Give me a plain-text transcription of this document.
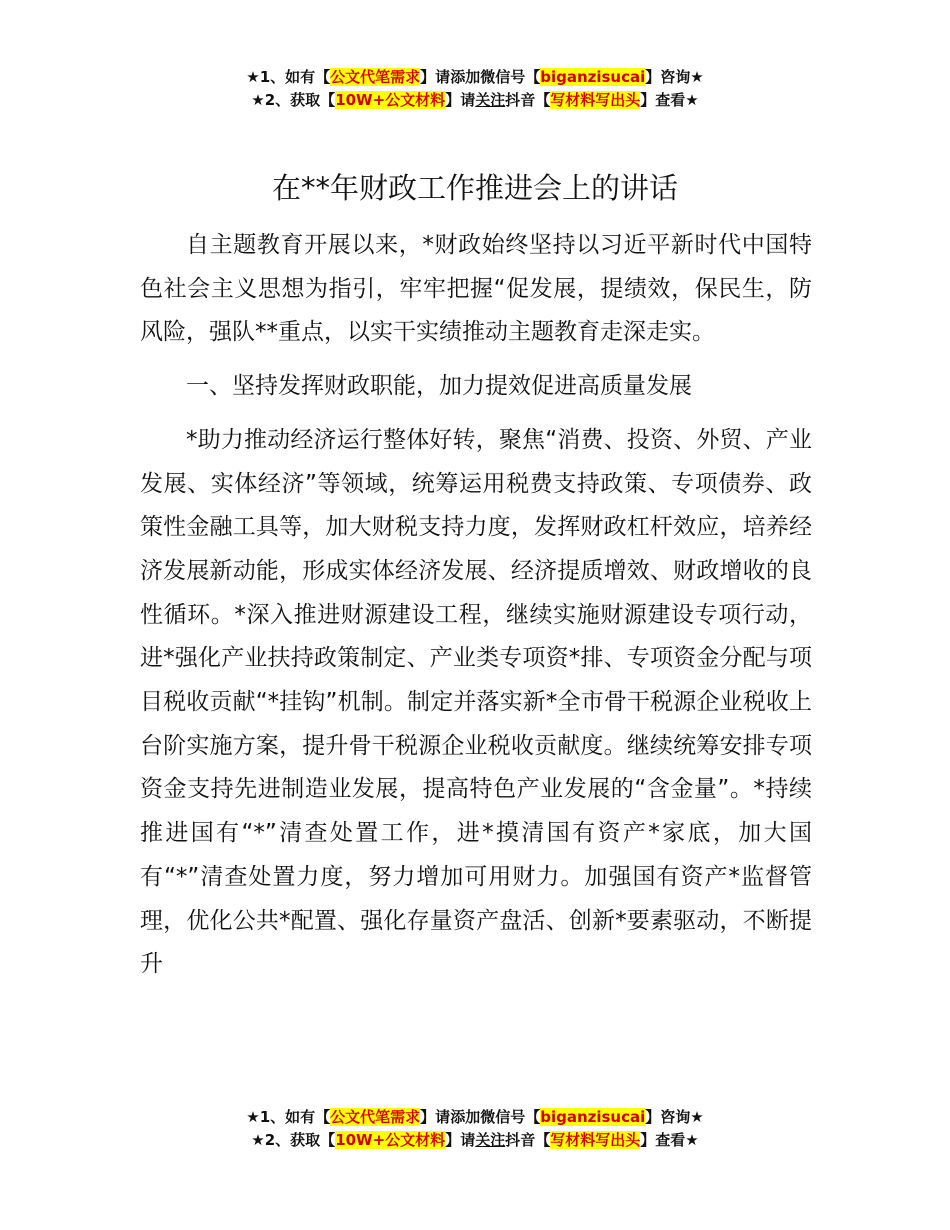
★1、如有【公文代笔需求】请添加微信号【biganzisucai】咨询★
★2、获取【10W+公文材料】请关注抖音【写材料写出头】查看★
在**年财政工作推进会上的讲话

自主题教育开展以来，*财政始终坚持以习近平新时代中国特色社会主义思想为指引，牢牢把握“促发展，提绩效，保民生，防风险，强队**重点，以实干实绩推动主题教育走深走实。

一、坚持发挥财政职能，加力提效促进高质量发展

*助力推动经济运行整体好转，聚焦“消费、投资、外贸、产业发展、实体经济”等领域，统筹运用税费支持政策、专项债券、政策性金融工具等，加大财税支持力度，发挥财政杠杆效应，培养经济发展新动能，形成实体经济发展、经济提质增效、财政增收的良性循环。*深入推进财源建设工程，继续实施财源建设专项行动，进*强化产业扶持政策制定、产业类专项资*排、专项资金分配与项目税收贡献“*挂钩”机制。制定并落实新*全市骨干税源企业税收上台阶实施方案，提升骨干税源企业税收贡献度。继续统筹安排专项资金支持先进制造业发展，提高特色产业发展的“含金量”。*持续推进国有“*”清查处置工作，进*摸清国有资产*家底，加大国有“*”清查处置力度，努力增加可用财力。加强国有资产*监督管理，优化公共*配置、强化存量资产盘活、创新*要素驱动，不断提升

★1、如有【公文代笔需求】请添加微信号【biganzisucai】咨询★
★2、获取【10W+公文材料】请关注抖音【写材料写出头】查看★
